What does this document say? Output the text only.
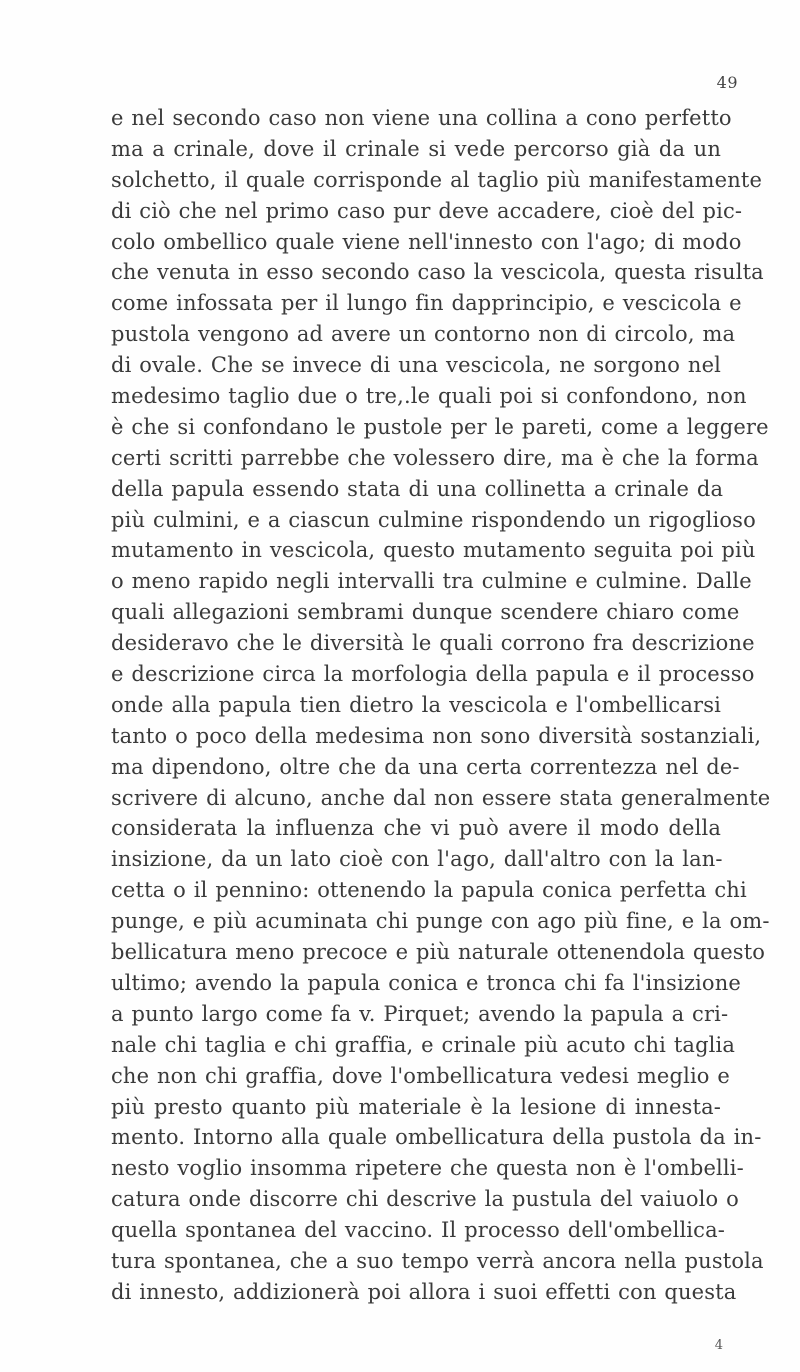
49
e nel secondo caso non viene una collina a cono perfetto
ma a crinale, dove il crinale si vede percorso già da un
solchetto, il quale corrisponde al taglio più manifestamente
di ciò che nel primo caso pur deve accadere, cioè del pic-
colo ombellico quale viene nell'innesto con l'ago; di modo
che venuta in esso secondo caso la vescicola, questa risulta
come infossata per il lungo fin dapprincipio, e vescicola e
pustola vengono ad avere un contorno non di circolo, ma
di ovale. Che se invece di una vescicola, ne sorgono nel
medesimo taglio due o tre,.le quali poi si confondono, non
è che si confondano le pustole per le pareti, come a leggere
certi scritti parrebbe che volessero dire, ma è che la forma
della papula essendo stata di una collinetta a crinale da
più culmini, e a ciascun culmine rispondendo un rigoglioso
mutamento in vescicola, questo mutamento seguita poi più
o meno rapido negli intervalli tra culmine e culmine. Dalle
quali allegazioni sembrami dunque scendere chiaro come
desideravo che le diversità le quali corrono fra descrizione
e descrizione circa la morfologia della papula e il processo
onde alla papula tien dietro la vescicola e l'ombellicarsi
tanto o poco della medesima non sono diversità sostanziali,
ma dipendono, oltre che da una certa correntezza nel de-
scrivere di alcuno, anche dal non essere stata generalmente
considerata la influenza che vi può avere il modo della
insizione, da un lato cioè con l'ago, dall'altro con la lan-
cetta o il pennino: ottenendo la papula conica perfetta chi
punge, e più acuminata chi punge con ago più fine, e la om-
bellicatura meno precoce e più naturale ottenendola questo
ultimo; avendo la papula conica e tronca chi fa l'insizione
a punto largo come fa v. Pirquet; avendo la papula a cri-
nale chi taglia e chi graffia, e crinale più acuto chi taglia
che non chi graffia, dove l'ombellicatura vedesi meglio e
più presto quanto più materiale è la lesione di innesta-
mento. Intorno alla quale ombellicatura della pustola da in-
nesto voglio insomma ripetere che questa non è l'ombelli-
catura onde discorre chi descrive la pustula del vaiuolo o
quella spontanea del vaccino. Il processo dell'ombellica-
tura spontanea, che a suo tempo verrà ancora nella pustola
di innesto, addizionerà poi allora i suoi effetti con questa
4
